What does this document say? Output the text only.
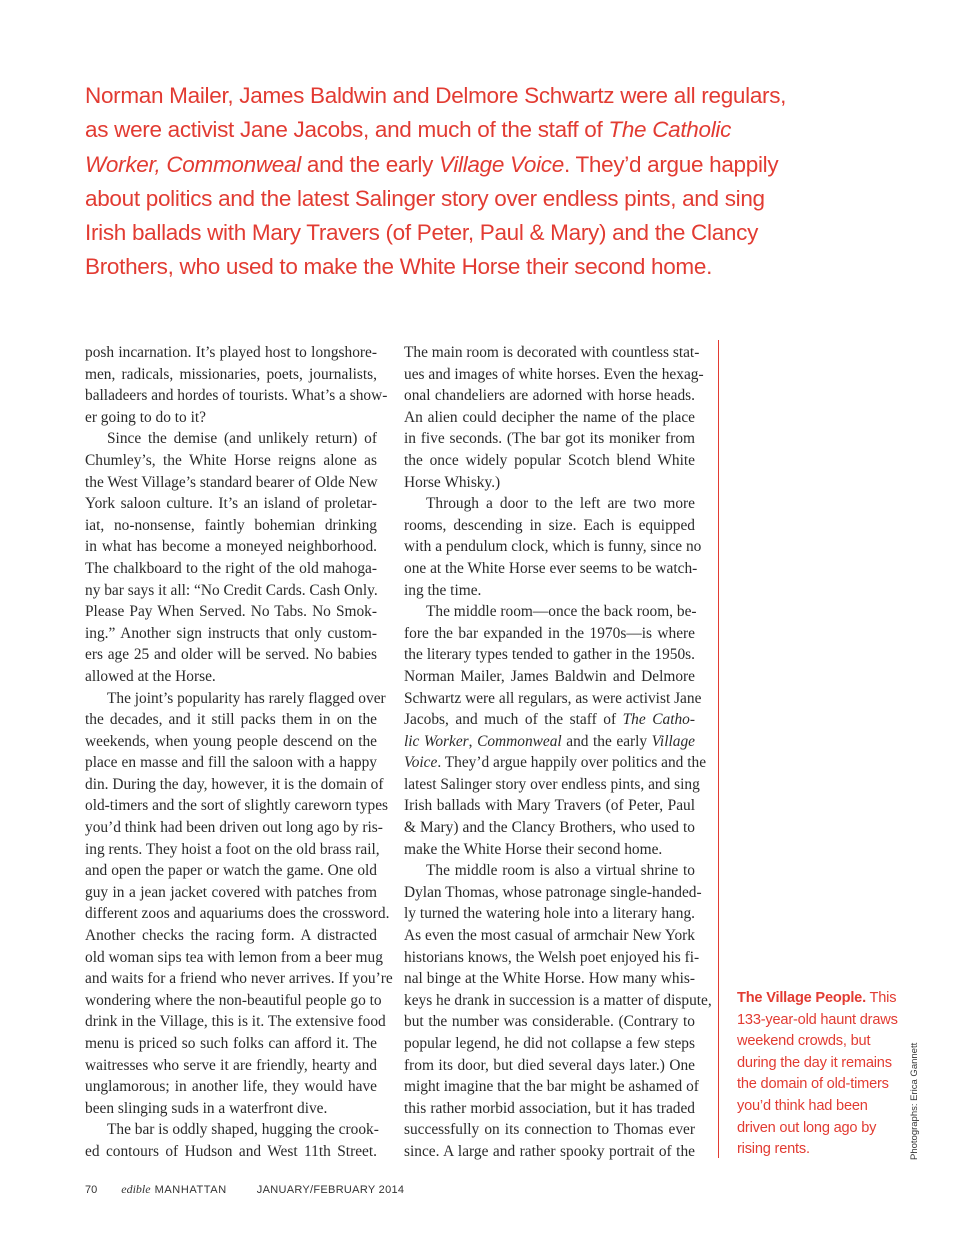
Norman Mailer, James Baldwin and Delmore Schwartz were all regulars,
as were activist Jane Jacobs, and much of the staff of The Catholic
Worker, Commonweal and the early Village Voice. They’d argue happily
about politics and the latest Salinger story over endless pints, and sing
Irish ballads with Mary Travers (of Peter, Paul & Mary) and the Clancy
Brothers, who used to make the White Horse their second home.
posh incarnation. It’s played host to longshore-
men, radicals, missionaries, poets, journalists,
balladeers and hordes of tourists. What’s a show-
er going to do to it?
Since the demise (and unlikely return) of
Chumley’s, the White Horse reigns alone as
the West Village’s standard bearer of Olde New
York saloon culture. It’s an island of proletar-
iat, no-nonsense, faintly bohemian drinking
in what has become a moneyed neighborhood.
The chalkboard to the right of the old mahoga-
ny bar says it all: “No Credit Cards. Cash Only.
Please Pay When Served. No Tabs. No Smok-
ing.” Another sign instructs that only custom-
ers age 25 and older will be served. No babies
allowed at the Horse.
The joint’s popularity has rarely flagged over
the decades, and it still packs them in on the
weekends, when young people descend on the
place en masse and fill the saloon with a happy
din. During the day, however, it is the domain of
old-timers and the sort of slightly careworn types
you’d think had been driven out long ago by ris-
ing rents. They hoist a foot on the old brass rail,
and open the paper or watch the game. One old
guy in a jean jacket covered with patches from
different zoos and aquariums does the crossword.
Another checks the racing form. A distracted
old woman sips tea with lemon from a beer mug
and waits for a friend who never arrives. If you’re
wondering where the non-beautiful people go to
drink in the Village, this is it. The extensive food
menu is priced so such folks can afford it. The
waitresses who serve it are friendly, hearty and
unglamorous; in another life, they would have
been slinging suds in a waterfront dive.
The bar is oddly shaped, hugging the crook-
ed contours of Hudson and West 11th Street.
The main room is decorated with countless stat-
ues and images of white horses. Even the hexag-
onal chandeliers are adorned with horse heads.
An alien could decipher the name of the place
in five seconds. (The bar got its moniker from
the once widely popular Scotch blend White
Horse Whisky.)
Through a door to the left are two more
rooms, descending in size. Each is equipped
with a pendulum clock, which is funny, since no
one at the White Horse ever seems to be watch-
ing the time.
The middle room—once the back room, be-
fore the bar expanded in the 1970s—is where
the literary types tended to gather in the 1950s.
Norman Mailer, James Baldwin and Delmore
Schwartz were all regulars, as were activist Jane
Jacobs, and much of the staff of The Catho-
lic Worker, Commonweal and the early Village
Voice. They’d argue happily over politics and the
latest Salinger story over endless pints, and sing
Irish ballads with Mary Travers (of Peter, Paul
& Mary) and the Clancy Brothers, who used to
make the White Horse their second home.
The middle room is also a virtual shrine to
Dylan Thomas, whose patronage single-handed-
ly turned the watering hole into a literary hang.
As even the most casual of armchair New York
historians knows, the Welsh poet enjoyed his fi-
nal binge at the White Horse. How many whis-
keys he drank in succession is a matter of dispute,
but the number was considerable. (Contrary to
popular legend, he did not collapse a few steps
from its door, but died several days later.) One
might imagine that the bar might be ashamed of
this rather morbid association, but it has traded
successfully on its connection to Thomas ever
since. A large and rather spooky portrait of the
The Village People. This
133-year-old haunt draws
weekend crowds, but
during the day it remains
the domain of old-timers
you’d think had been
driven out long ago by
rising rents.	Photographs: Erica Gannett
70 edible MANHATTAN	JANUARY/FEBRUARY 2014
